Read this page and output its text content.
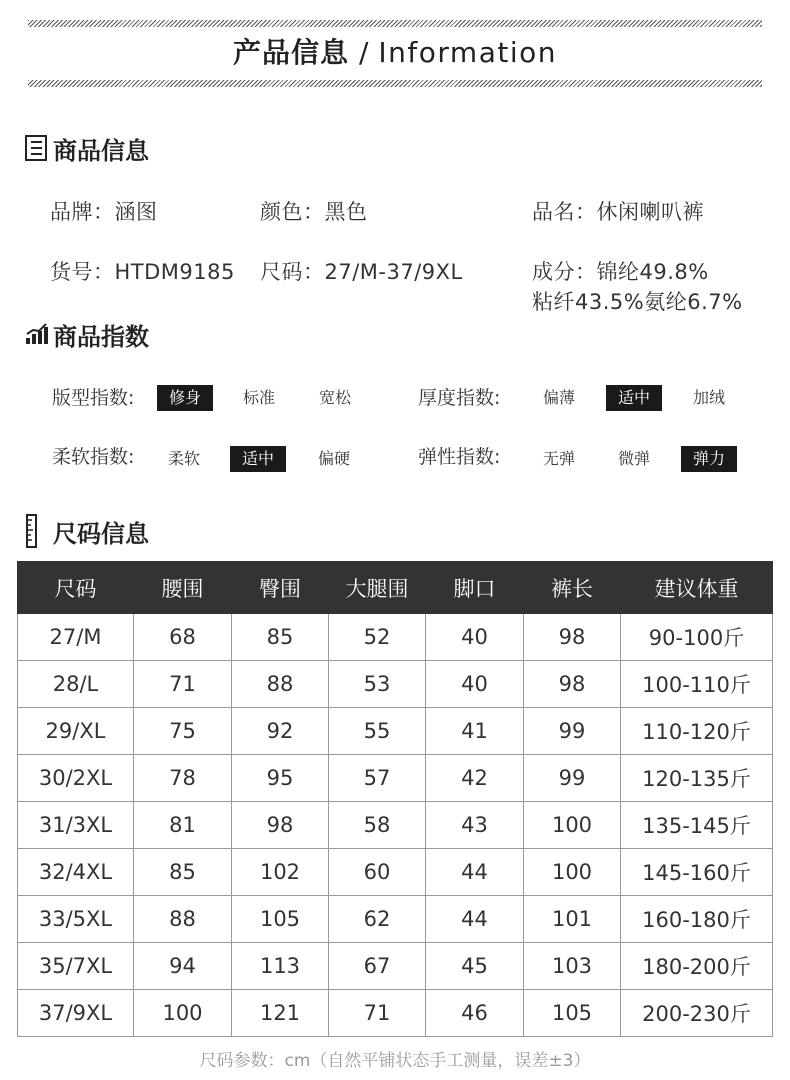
产品信息 / Information
商品信息
品牌：涵图	颜色：黑色	品名：休闲喇叭裤
货号：HTDM9185 尺码：27/M-37/9XL	成分：锦纶49.8%
粘纤43.5%氨纶6.7%
商品指数
版型指数:	修身	标准	宽松	厚度指数:	偏薄	适中	加绒
柔软指数:	柔软	适中	偏硬	弹性指数:	无弹	微弹	弹力
尺码信息
尺码	腰围	臀围	大腿围	脚口	裤长	建议体重
27/M	68	85	52	40	98	90-100斤
28/L	71	88	53	40	98	100-110斤
29/XL	75	92	55	41	99	110-120斤
30/2XL	78	95	57	42	99	120-135斤
31/3XL	81	98	58	43	100	135-145斤
32/4XL	85	102	60	44	100	145-160斤
33/5XL	88	105	62	44	101	160-180斤
35/7XL	94	113	67	45	103	180-200斤
37/9XL	100	121	71	46	105	200-230斤
尺码参数：cm（自然平铺状态手工测量，误差±3）
